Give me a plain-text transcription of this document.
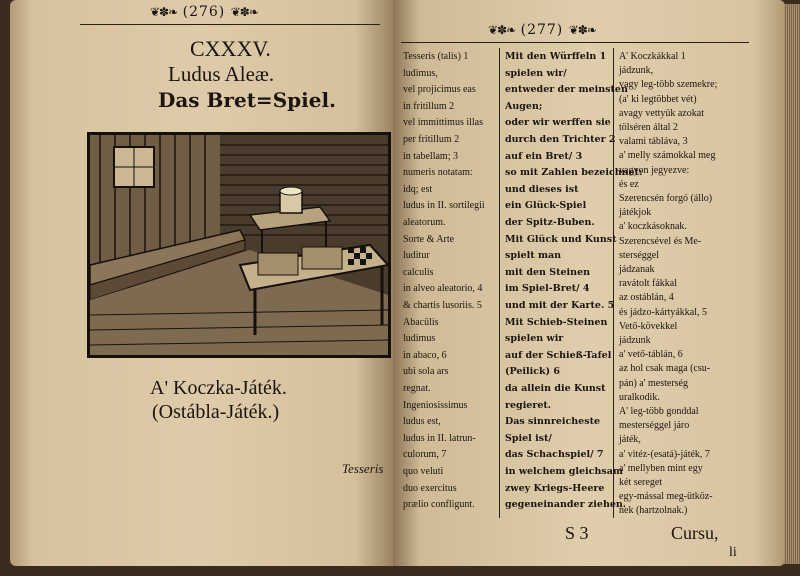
❦✽❧ (276) ❦✽❧
CXXXV.
Ludus Aleæ.
Das Bret=Spiel.
A' Koczka-Játék.
(Ostábla-Játék.)
Tesseris
❦✽❧ (277) ❦✽❧
Tesseris (talis) 1
ludimus,
vel projicimus eas
in fritillum 2
vel immittimus illas
per fritillum 2
in tabellam; 3
numeris notatam:
idq; est
ludus in II. sortilegii
aleatorum.
Sorte & Arte
luditur
calculis
in alveo aleatorio, 4
& chartis lusoriis. 5
Abacûlis
ludimus
in abaco, 6
ubi sola ars
regnat.
Ingeniosissimus
ludus est,
ludus in II. latrun-
culorum, 7
quo veluti
duo exercitus
prælio confligunt.
Mit den Würffeln 1
spielen wir/
entweder der meinsten
Augen;
oder wir werffen sie
durch den Trichter 2
auf ein Bret/ 3
so mit Zahlen bezeichnet:
und dieses ist
ein Glück-Spiel
der Spitz-Buben.
Mit Glück und Kunst
spielt man
mit den Steinen
im Spiel-Bret/ 4
und mit der Karte. 5
Mit Schieb-Steinen
spielen wir
auf der Schieß-Tafel
(Peilick) 6
da allein die Kunst
regieret.
Das sinnreicheste
Spiel ist/
das Schachspiel/ 7
in welchem gleichsam
zwey Kriegs-Heere
gegeneinander ziehen.
A' Koczkákkal 1
jádzunk,
vagy leg-több szemekre;
(a' ki legtöbbet vét)
avagy vettyük azokat
tölséren által 2
valami tábláva, 3
a' melly számokkal meg
vagyon jegyezve:
és ez
Szerencsén forgó (állo)
játékjok
a' koczkásoknak.
Szerencsével és Me-
sterséggel
jádzanak
ravátolt fákkal
az ostáblán, 4
és jádzo-kártyákkal, 5
Vető-kövekkel
jádzunk
a' vető-táblán, 6
az hol csak maga (csu-
pán) a' mesterség
uralkodik.
A' leg-több gonddal
mesterséggel járo
játék,
a' vitéz-(esatá)-játék, 7
a' mellyben mint egy
két sereget
egy-mással meg-ütköz-
nek (hartzolnak.)
S 3	Cursu,
li
